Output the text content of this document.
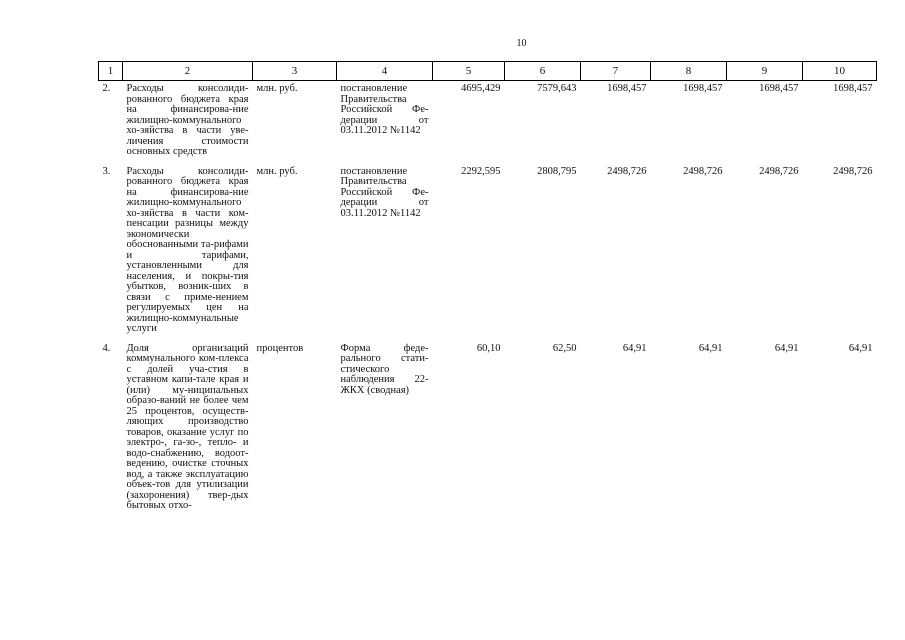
10
1	2	3	4	5	6	7	8	9	10
2.	Расходы консолиди-рованного бюджета края на финансирова-ние жилищно-коммунального хо-зяйства в части уве-личения стоимости основных средств	млн. руб.	постановление Правительства Российской Фе-дерации от 03.11.2012 №1142	4695,429	7579,643	1698,457	1698,457	1698,457	1698,457
3.	Расходы консолиди-рованного бюджета края на финансирова-ние жилищно-коммунального хо-зяйства в части ком-пенсации разницы между экономически обоснованными та-рифами и тарифами, установленными для населения, и покры-тия убытков, возник-ших в связи с приме-нением регулируемых цен на жилищно-коммунальные услуги	млн. руб.	постановление Правительства Российской Фе-дерации от 03.11.2012 №1142	2292,595	2808,795	2498,726	2498,726	2498,726	2498,726
4.	Доля организаций коммунального ком-плекса с долей уча-стия в уставном капи-тале края и (или) му-ниципальных образо-ваний не более чем 25 процентов, осуществ-ляющих производство товаров, оказание услуг по электро-, га-зо-, тепло- и водо-снабжению, водоот-ведению, очистке сточных вод, а также эксплуатацию объек-тов для утилизации (захоронения) твер-дых бытовых отхо-	процентов	Форма феде-рального стати-стического наблюдения 22-ЖКХ (сводная)	60,10	62,50	64,91	64,91	64,91	64,91
